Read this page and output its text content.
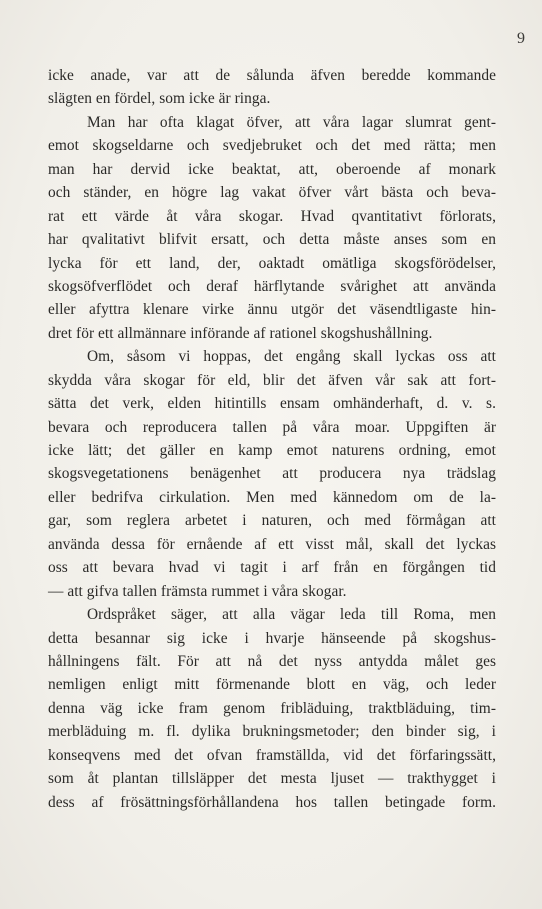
9
icke anade, var att de sålunda äfven beredde kommande
slägten en fördel, som icke är ringa.
Man har ofta klagat öfver, att våra lagar slumrat gent-
emot skogseldarne och svedjebruket och det med rätta; men
man har dervid icke beaktat, att, oberoende af monark
och ständer, en högre lag vakat öfver vårt bästa och beva-
rat ett värde åt våra skogar. Hvad qvantitativt förlorats,
har qvalitativt blifvit ersatt, och detta måste anses som en
lycka för ett land, der, oaktadt omätliga skogsförödelser,
skogsöfverflödet och deraf härflytande svårighet att använda
eller afyttra klenare virke ännu utgör det väsendtligaste hin-
dret för ett allmännare införande af rationel skogshushållning.
Om, såsom vi hoppas, det engång skall lyckas oss att
skydda våra skogar för eld, blir det äfven vår sak att fort-
sätta det verk, elden hitintills ensam omhänderhaft, d. v. s.
bevara och reproducera tallen på våra moar. Uppgiften är
icke lätt; det gäller en kamp emot naturens ordning, emot
skogsvegetationens benägenhet att producera nya trädslag
eller bedrifva cirkulation. Men med kännedom om de la-
gar, som reglera arbetet i naturen, och med förmågan att
använda dessa för ernående af ett visst mål, skall det lyckas
oss att bevara hvad vi tagit i arf från en förgången tid
— att gifva tallen främsta rummet i våra skogar.
Ordspråket säger, att alla vägar leda till Roma, men
detta besannar sig icke i hvarje hänseende på skogshus-
hållningens fält. För att nå det nyss antydda målet ges
nemligen enligt mitt förmenande blott en väg, och leder
denna väg icke fram genom fribläduing, traktbläduing, tim-
merbläduing m. fl. dylika brukningsmetoder; den binder sig, i
konseqvens med det ofvan framställda, vid det förfaringssätt,
som åt plantan tillsläpper det mesta ljuset — trakthygget i
dess af frösättningsförhållandena hos tallen betingade form.
